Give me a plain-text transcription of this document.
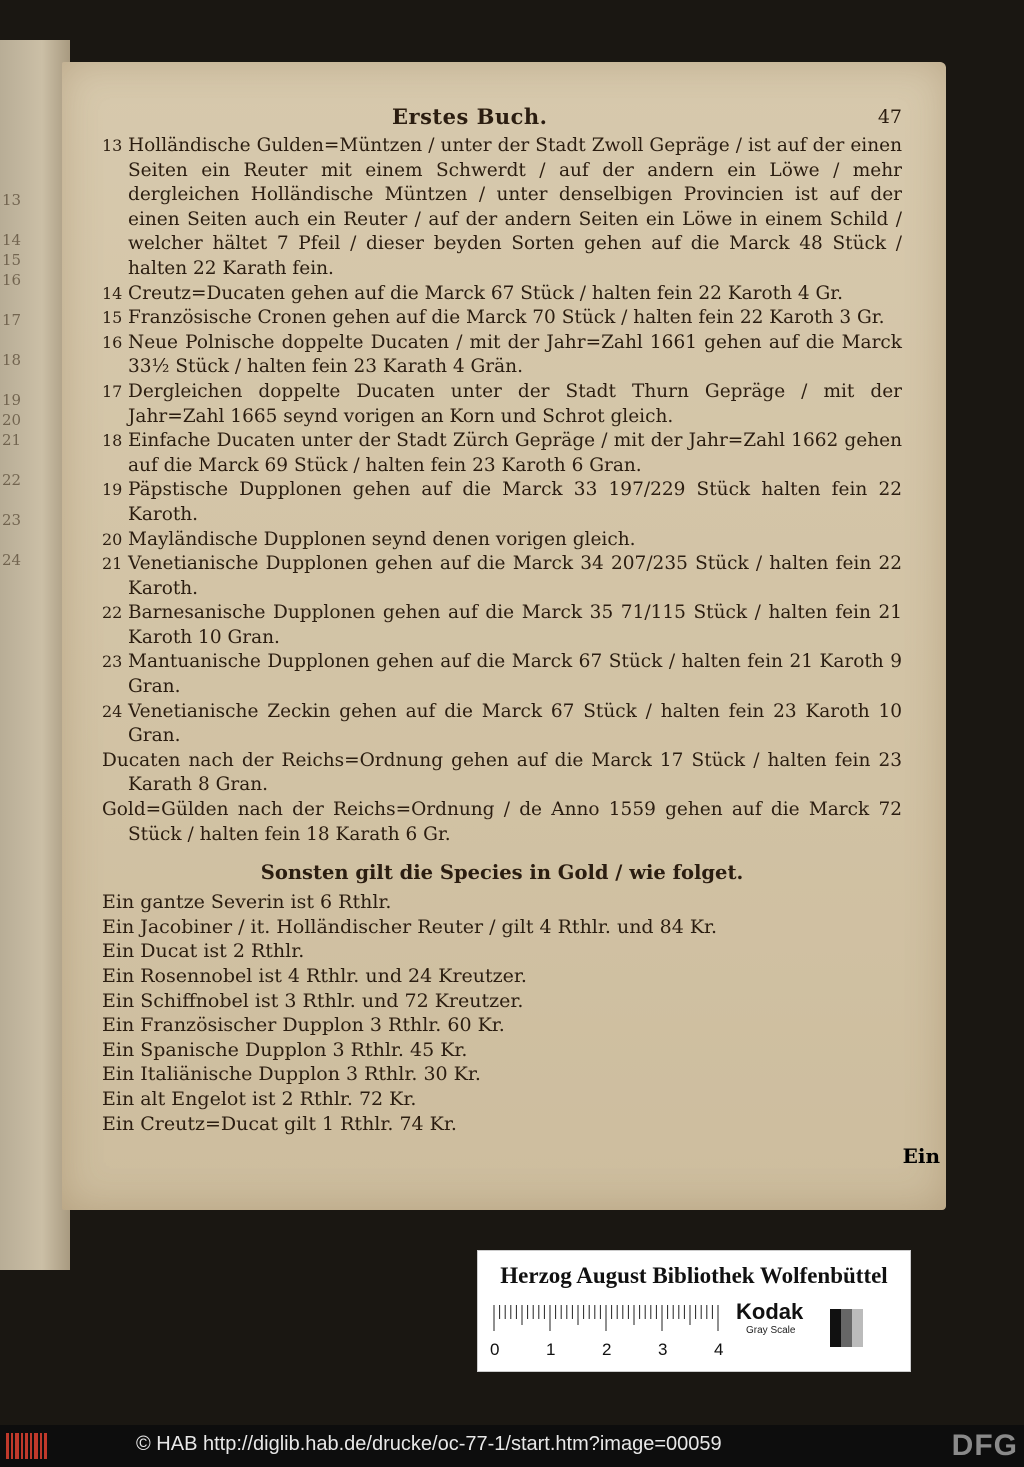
13

14
15
16

17

18

19
20
21

22

23

24
Erstes Buch.	47
13 Holländische Gulden=Müntzen / unter der Stadt Zwoll Gepräge / ist auf der einen Seiten ein Reuter mit einem Schwerdt / auf der andern ein Löwe / mehr dergleichen Holländische Müntzen / unter denselbigen Provincien ist auf der einen Seiten auch ein Reuter / auf der andern Seiten ein Löwe in einem Schild / welcher hältet 7 Pfeil / dieser beyden Sorten gehen auf die Marck 48 Stück / halten 22 Karath fein.
14 Creutz=Ducaten gehen auf die Marck 67 Stück / halten fein 22 Karoth 4 Gr.
15 Französische Cronen gehen auf die Marck 70 Stück / halten fein 22 Karoth 3 Gr.
16 Neue Polnische doppelte Ducaten / mit der Jahr=Zahl 1661 gehen auf die Marck 33½ Stück / halten fein 23 Karath 4 Grän.
17 Dergleichen doppelte Ducaten unter der Stadt Thurn Gepräge / mit der Jahr=Zahl 1665 seynd vorigen an Korn und Schrot gleich.
18 Einfache Ducaten unter der Stadt Zürch Gepräge / mit der Jahr=Zahl 1662 gehen auf die Marck 69 Stück / halten fein 23 Karoth 6 Gran.
19 Päpstische Dupplonen gehen auf die Marck 33 197/229 Stück halten fein 22 Karoth.
20 Mayländische Dupplonen seynd denen vorigen gleich.
21 Venetianische Dupplonen gehen auf die Marck 34 207/235 Stück / halten fein 22 Karoth.
22 Barnesanische Dupplonen gehen auf die Marck 35 71/115 Stück / halten fein 21 Karoth 10 Gran.
23 Mantuanische Dupplonen gehen auf die Marck 67 Stück / halten fein 21 Karoth 9 Gran.
24 Venetianische Zeckin gehen auf die Marck 67 Stück / halten fein 23 Karoth 10 Gran.
Ducaten nach der Reichs=Ordnung gehen auf die Marck 17 Stück / halten fein 23 Karath 8 Gran.
Gold=Gülden nach der Reichs=Ordnung / de Anno 1559 gehen auf die Marck 72 Stück / halten fein 18 Karath 6 Gr.
Sonsten gilt die Species in Gold / wie folget.
Ein gantze Severin ist 6 Rthlr.
Ein Jacobiner / it. Holländischer Reuter / gilt 4 Rthlr. und 84 Kr.
Ein Ducat ist 2 Rthlr.
Ein Rosennobel ist 4 Rthlr. und 24 Kreutzer.
Ein Schiffnobel ist 3 Rthlr. und 72 Kreutzer.
Ein Französischer Dupplon 3 Rthlr. 60 Kr.
Ein Spanische Dupplon 3 Rthlr. 45 Kr.
Ein Italiänische Dupplon 3 Rthlr. 30 Kr.
Ein alt Engelot ist 2 Rthlr. 72 Kr.
Ein Creutz=Ducat gilt 1 Rthlr. 74 Kr.
Ein
Herzog August Bibliothek Wolfenbüttel
0	1	2	3	4
Kodak
Gray Scale
© HAB http://diglib.hab.de/drucke/oc-77-1/start.htm?image=00059	DFG
